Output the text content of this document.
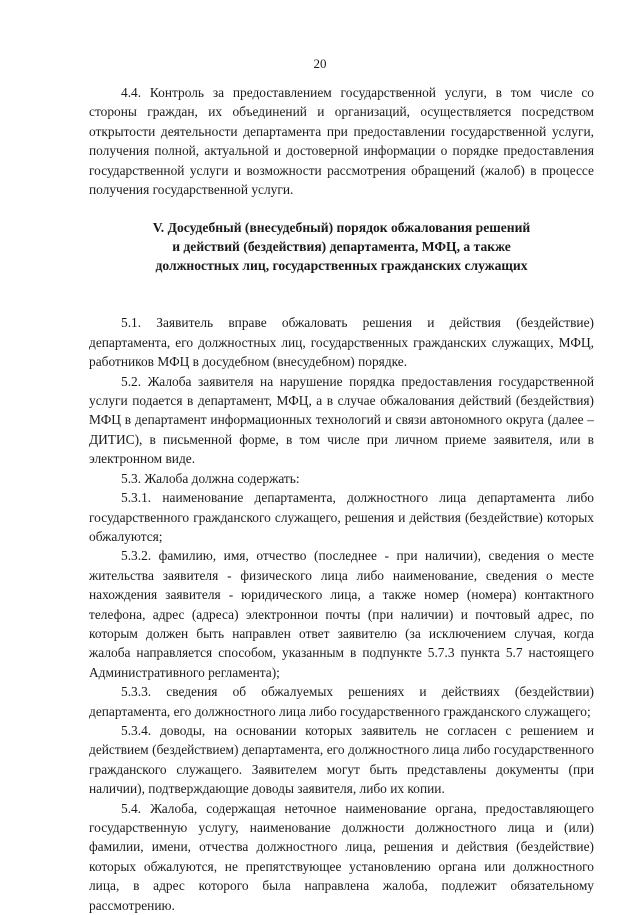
20

4.4. Контроль за предоставлением государственной услуги, в том числе со стороны граждан, их объединений и организаций, осуществляется посредством открытости деятельности департамента при предоставлении государственной услуги, получения полной, актуальной и достоверной информации о порядке предоставления государственной услуги и возможности рассмотрения обращений (жалоб) в процессе получения государственной услуги.

V. Досудебный (внесудебный) порядок обжалования решений
и действий (бездействия) департамента, МФЦ, а также
должностных лиц, государственных гражданских служащих

5.1. Заявитель вправе обжаловать решения и действия (бездействие) департамента, его должностных лиц, государственных гражданских служащих, МФЦ, работников МФЦ в досудебном (внесудебном) порядке.

5.2. Жалоба заявителя на нарушение порядка предоставления государственной услуги подается в департамент, МФЦ, а в случае обжалования действий (бездействия) МФЦ в департамент информационных технологий и связи автономного округа (далее – ДИТИС), в письменной форме, в том числе при личном приеме заявителя, или в электронном виде.

5.3. Жалоба должна содержать:

5.3.1. наименование департамента, должностного лица департамента либо государственного гражданского служащего, решения и действия (бездействие) которых обжалуются;

5.3.2. фамилию, имя, отчество (последнее - при наличии), сведения о месте жительства заявителя - физического лица либо наименование, сведения о месте нахождения заявителя - юридического лица, а также номер (номера) контактного телефона, адрес (адреса) электроннои почты (при наличии) и почтовый адрес, по которым должен быть направлен ответ заявителю (за исключением случая, когда жалоба направляется способом, указанным в подпункте 5.7.3 пункта 5.7 настоящего Административного регламента);

5.3.3. сведения об обжалуемых решениях и действиях (бездействии) департамента, его должностного лица либо государственного гражданского служащего;

5.3.4. доводы, на основании которых заявитель не согласен с решением и действием (бездействием) департамента, его должностного лица либо государственного гражданского служащего. Заявителем могут быть представлены документы (при наличии), подтверждающие доводы заявителя, либо их копии.

5.4. Жалоба, содержащая неточное наименование органа, предоставляющего государственную услугу, наименование должности должностного лица и (или) фамилии, имени, отчества должностного лица, решения и действия (бездействие) которых обжалуются, не препятствующее установлению органа или должностного лица, в адрес которого была направлена жалоба, подлежит обязательному рассмотрению.
